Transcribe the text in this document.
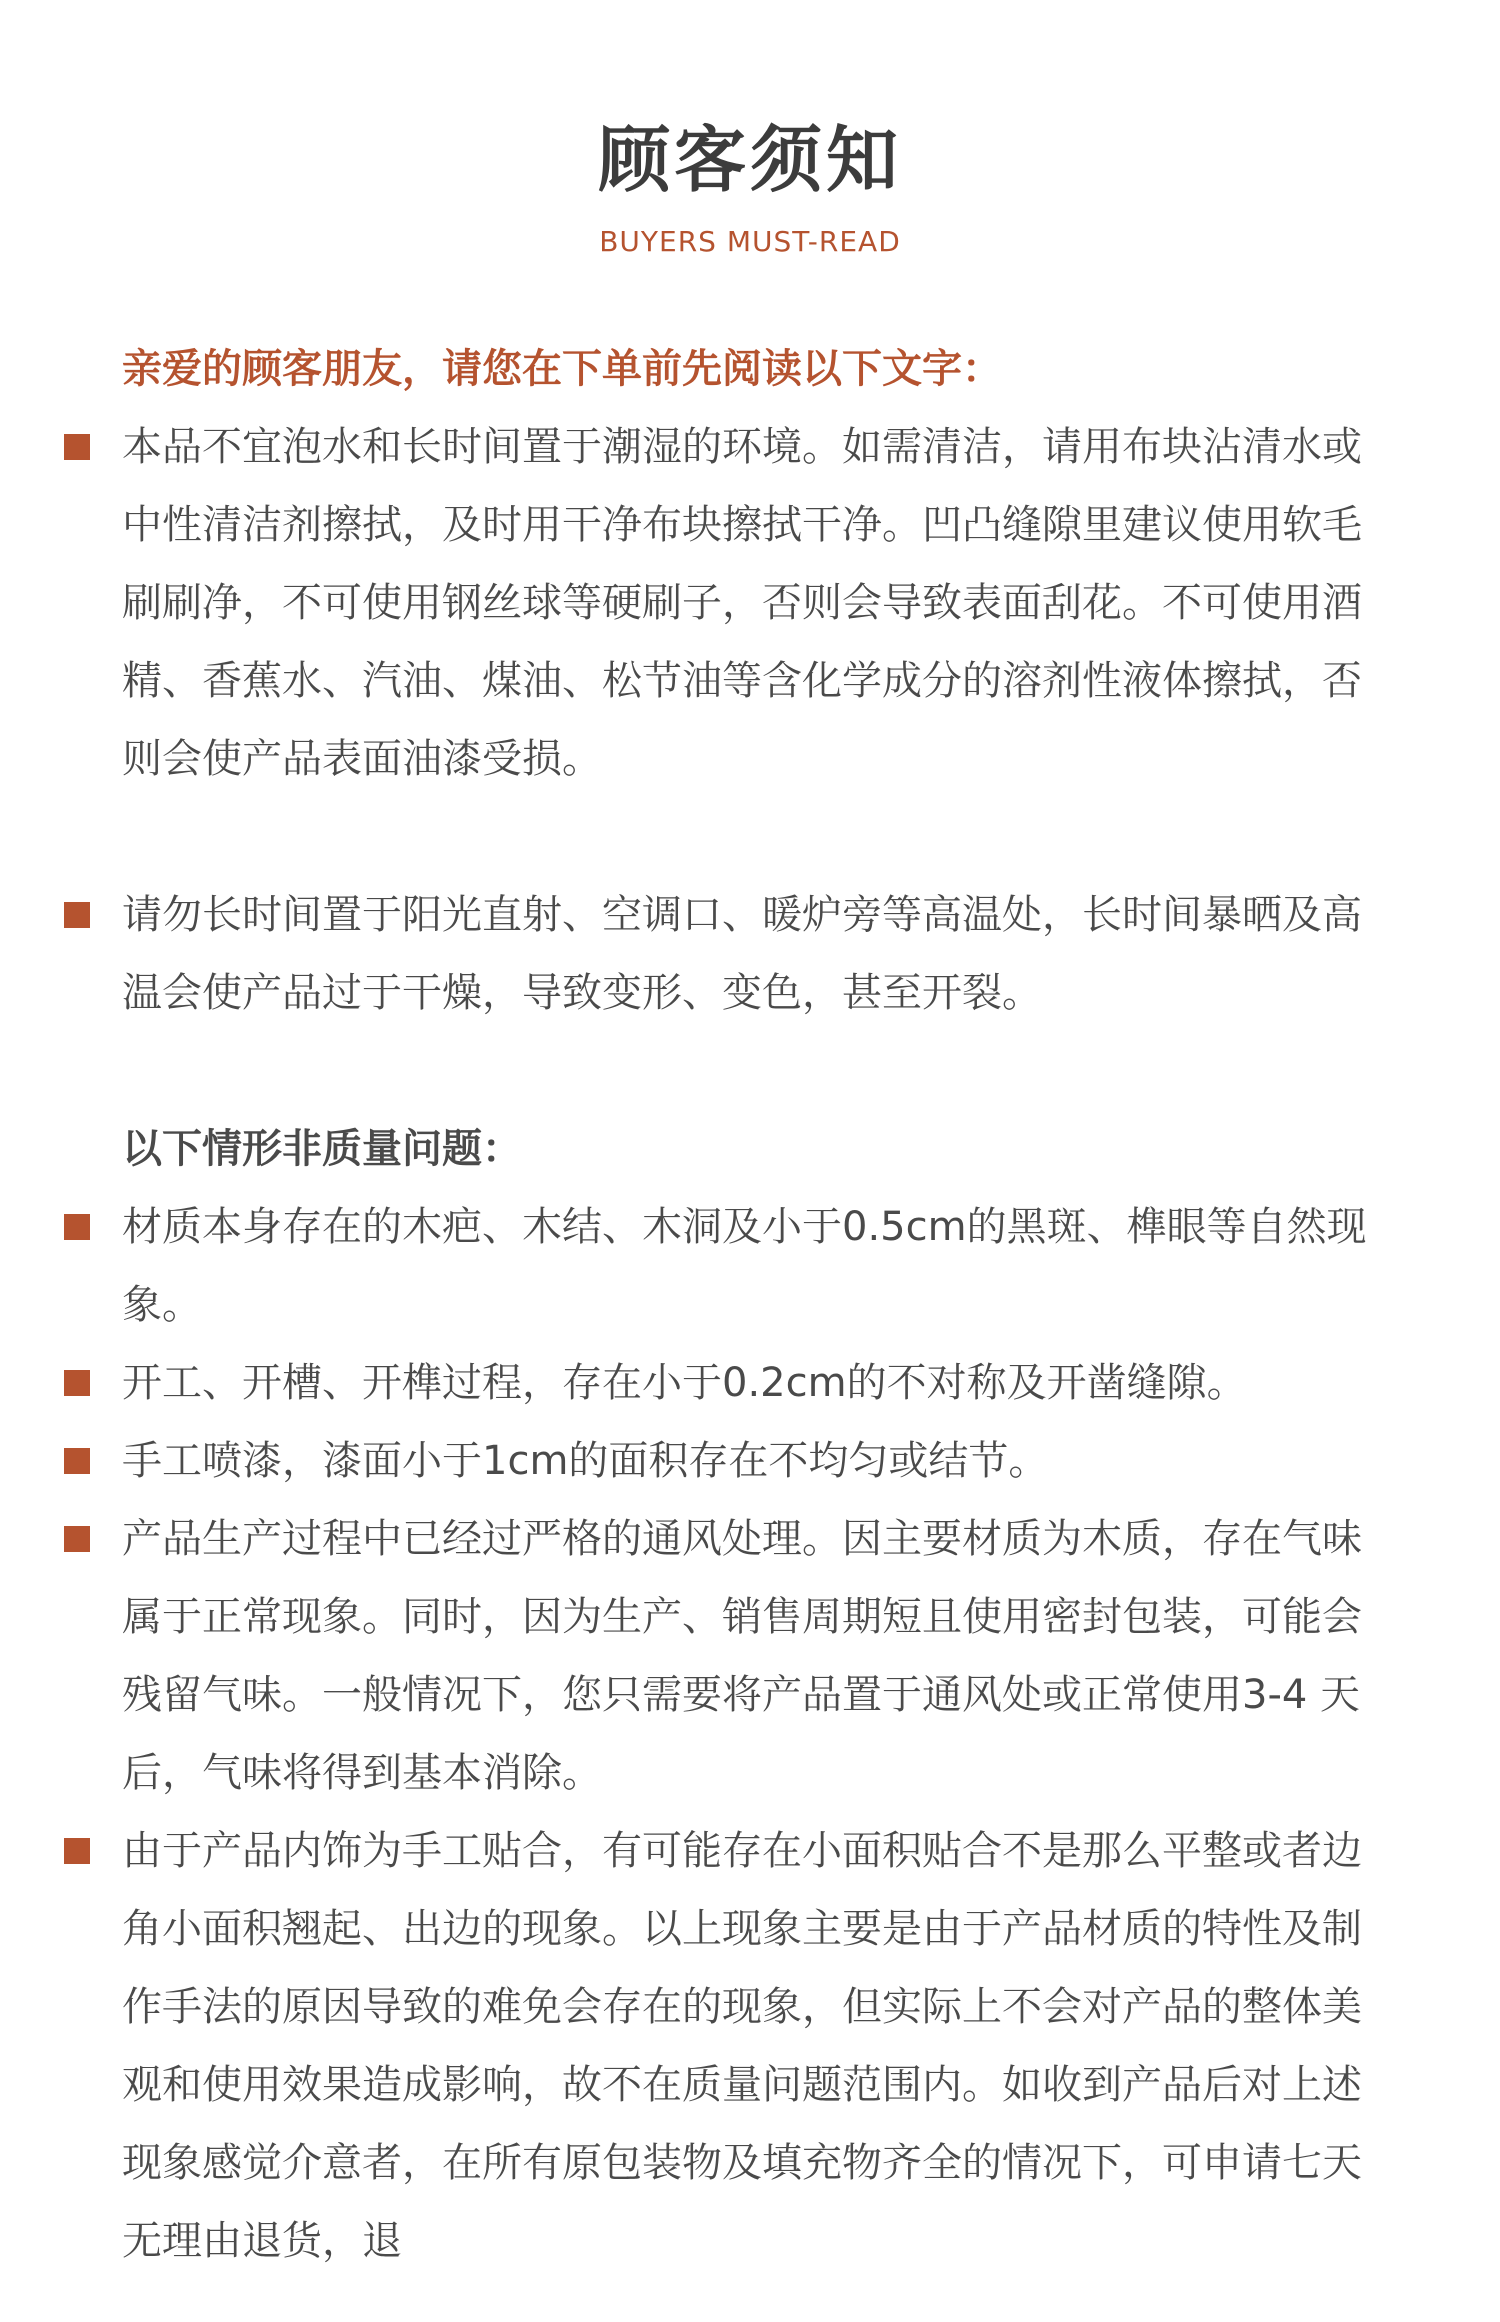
顾客须知
BUYERS MUST-READ

亲爱的顾客朋友，请您在下单前先阅读以下文字：

本品不宜泡水和长时间置于潮湿的环境。如需清洁，请用布块沾清水或中性清洁剂擦拭，及时用干净布块擦拭干净。凹凸缝隙里建议使用软毛刷刷净，不可使用钢丝球等硬刷子，否则会导致表面刮花。不可使用酒精、香蕉水、汽油、煤油、松节油等含化学成分的溶剂性液体擦拭，否则会使产品表面油漆受损。
请勿长时间置于阳光直射、空调口、暖炉旁等高温处，长时间暴晒及高温会使产品过于干燥，导致变形、变色，甚至开裂。

以下情形非质量问题：

材质本身存在的木疤、木结、木洞及小于0.5cm的黑斑、榫眼等自然现象。
开工、开槽、开榫过程，存在小于0.2cm的不对称及开凿缝隙。
手工喷漆，漆面小于1cm的面积存在不均匀或结节。
产品生产过程中已经过严格的通风处理。因主要材质为木质，存在气味属于正常现象。同时，因为生产、销售周期短且使用密封包装，可能会残留气味。一般情况下，您只需要将产品置于通风处或正常使用3-4 天后，气味将得到基本消除。
由于产品内饰为手工贴合，有可能存在小面积贴合不是那么平整或者边角小面积翘起、出边的现象。以上现象主要是由于产品材质的特性及制作手法的原因导致的难免会存在的现象，但实际上不会对产品的整体美观和使用效果造成影响，故不在质量问题范围内。如收到产品后对上述现象感觉介意者，在所有原包装物及填充物齐全的情况下，可申请七天无理由退货，退
